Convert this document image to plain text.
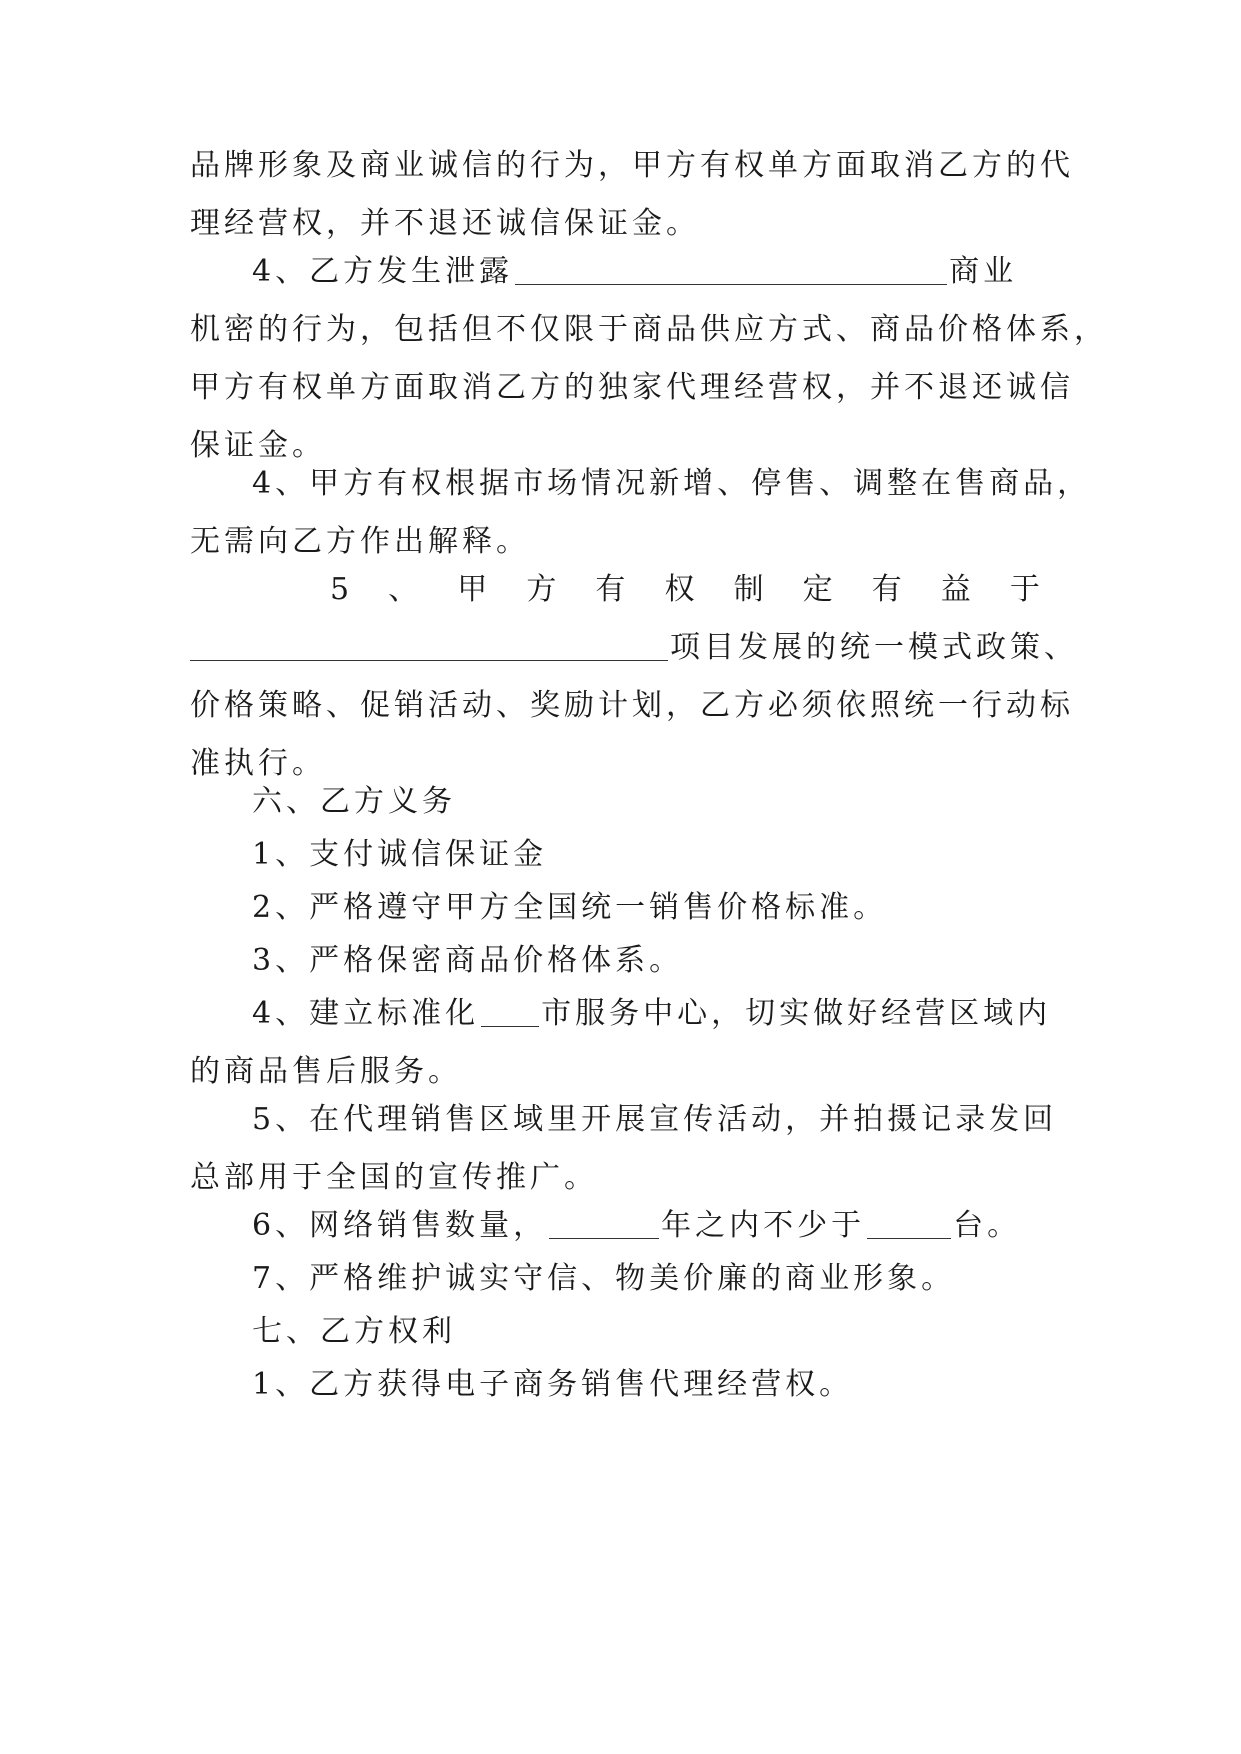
品牌形象及商业诚信的行为，甲方有权单方面取消乙方的代
理经营权，并不退还诚信保证金。
4、乙方发生泄露	商业
机密的行为，包括但不仅限于商品供应方式、商品价格体系，
甲方有权单方面取消乙方的独家代理经营权，并不退还诚信
保证金。
4、甲方有权根据市场情况新增、停售、调整在售商品，
无需向乙方作出解释。
5 、 甲 方 有 权 制 定 有 益 于
项目发展的统一模式政策、
价格策略、促销活动、奖励计划，乙方必须依照统一行动标
准执行。
六、乙方义务
1、支付诚信保证金
2、严格遵守甲方全国统一销售价格标准。
3、严格保密商品价格体系。
4、建立标准化 市服务中心，切实做好经营区域内
的商品售后服务。
5、在代理销售区域里开展宣传活动，并拍摄记录发回
总部用于全国的宣传推广。
6、网络销售数量，	年之内不少于	台。
7、严格维护诚实守信、物美价廉的商业形象。
七、乙方权利
1、乙方获得电子商务销售代理经营权。
